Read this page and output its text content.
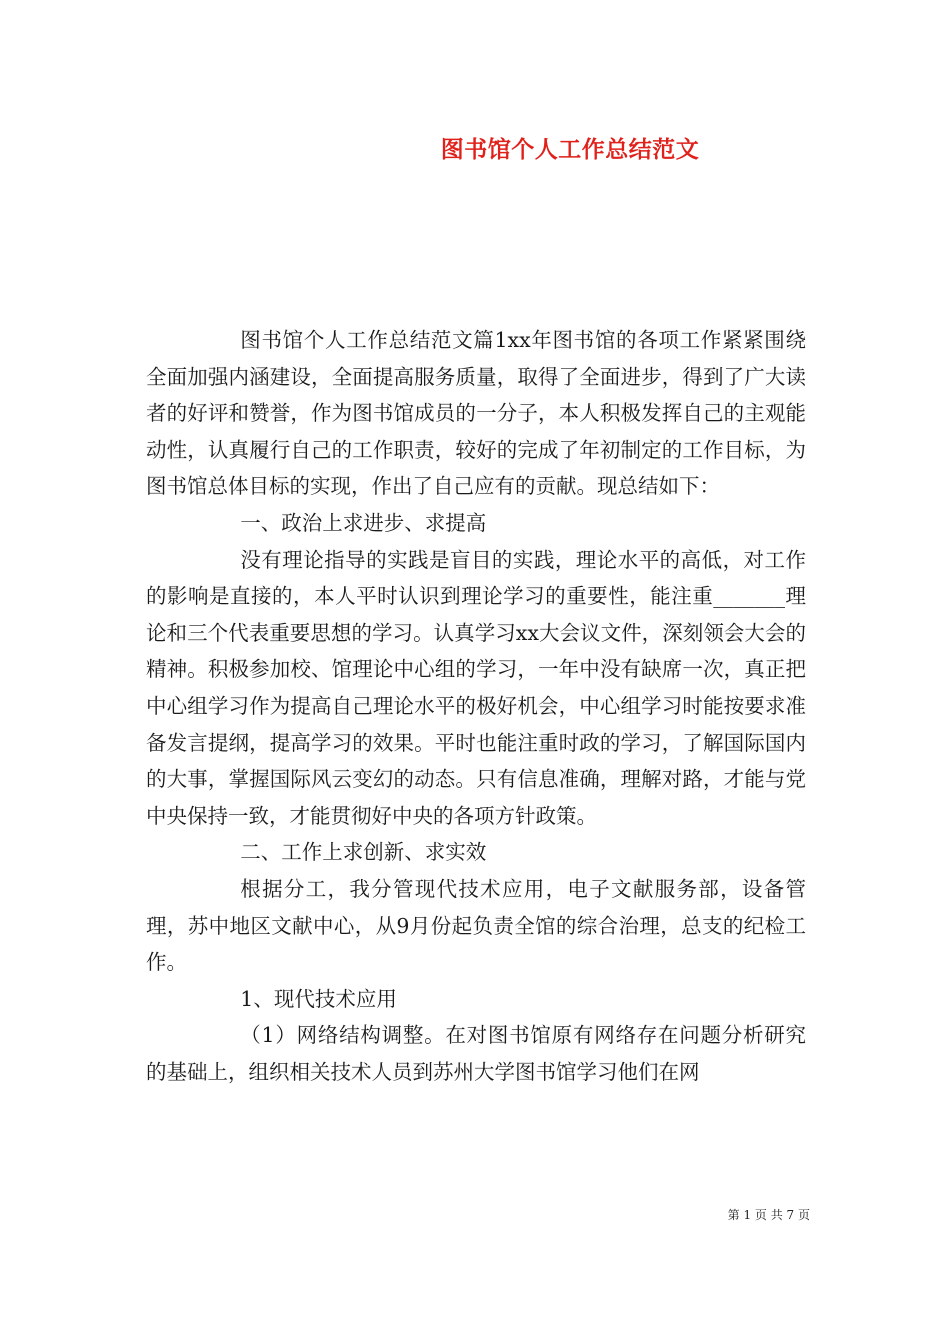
图书馆个人工作总结范文

图书馆个人工作总结范文篇1xx年图书馆的各项工作紧紧围绕全面加强内涵建设，全面提高服务质量，取得了全面进步，得到了广大读者的好评和赞誉，作为图书馆成员的一分子，本人积极发挥自己的主观能动性，认真履行自己的工作职责，较好的完成了年初制定的工作目标，为图书馆总体目标的实现，作出了自己应有的贡献。现总结如下：

一、政治上求进步、求提高

没有理论指导的实践是盲目的实践，理论水平的高低，对工作的影响是直接的，本人平时认识到理论学习的重要性，能注重_______理论和三个代表重要思想的学习。认真学习xx大会议文件，深刻领会大会的精神。积极参加校、馆理论中心组的学习，一年中没有缺席一次，真正把中心组学习作为提高自己理论水平的极好机会，中心组学习时能按要求准备发言提纲，提高学习的效果。平时也能注重时政的学习，了解国际国内的大事，掌握国际风云变幻的动态。只有信息准确，理解对路，才能与党中央保持一致，才能贯彻好中央的各项方针政策。

二、工作上求创新、求实效

根据分工，我分管现代技术应用，电子文献服务部，设备管理，苏中地区文献中心，从9月份起负责全馆的综合治理，总支的纪检工作。

1、现代技术应用

（1）网络结构调整。在对图书馆原有网络存在问题分析研究的基础上，组织相关技术人员到苏州大学图书馆学习他们在网

第 1 页 共 7 页
